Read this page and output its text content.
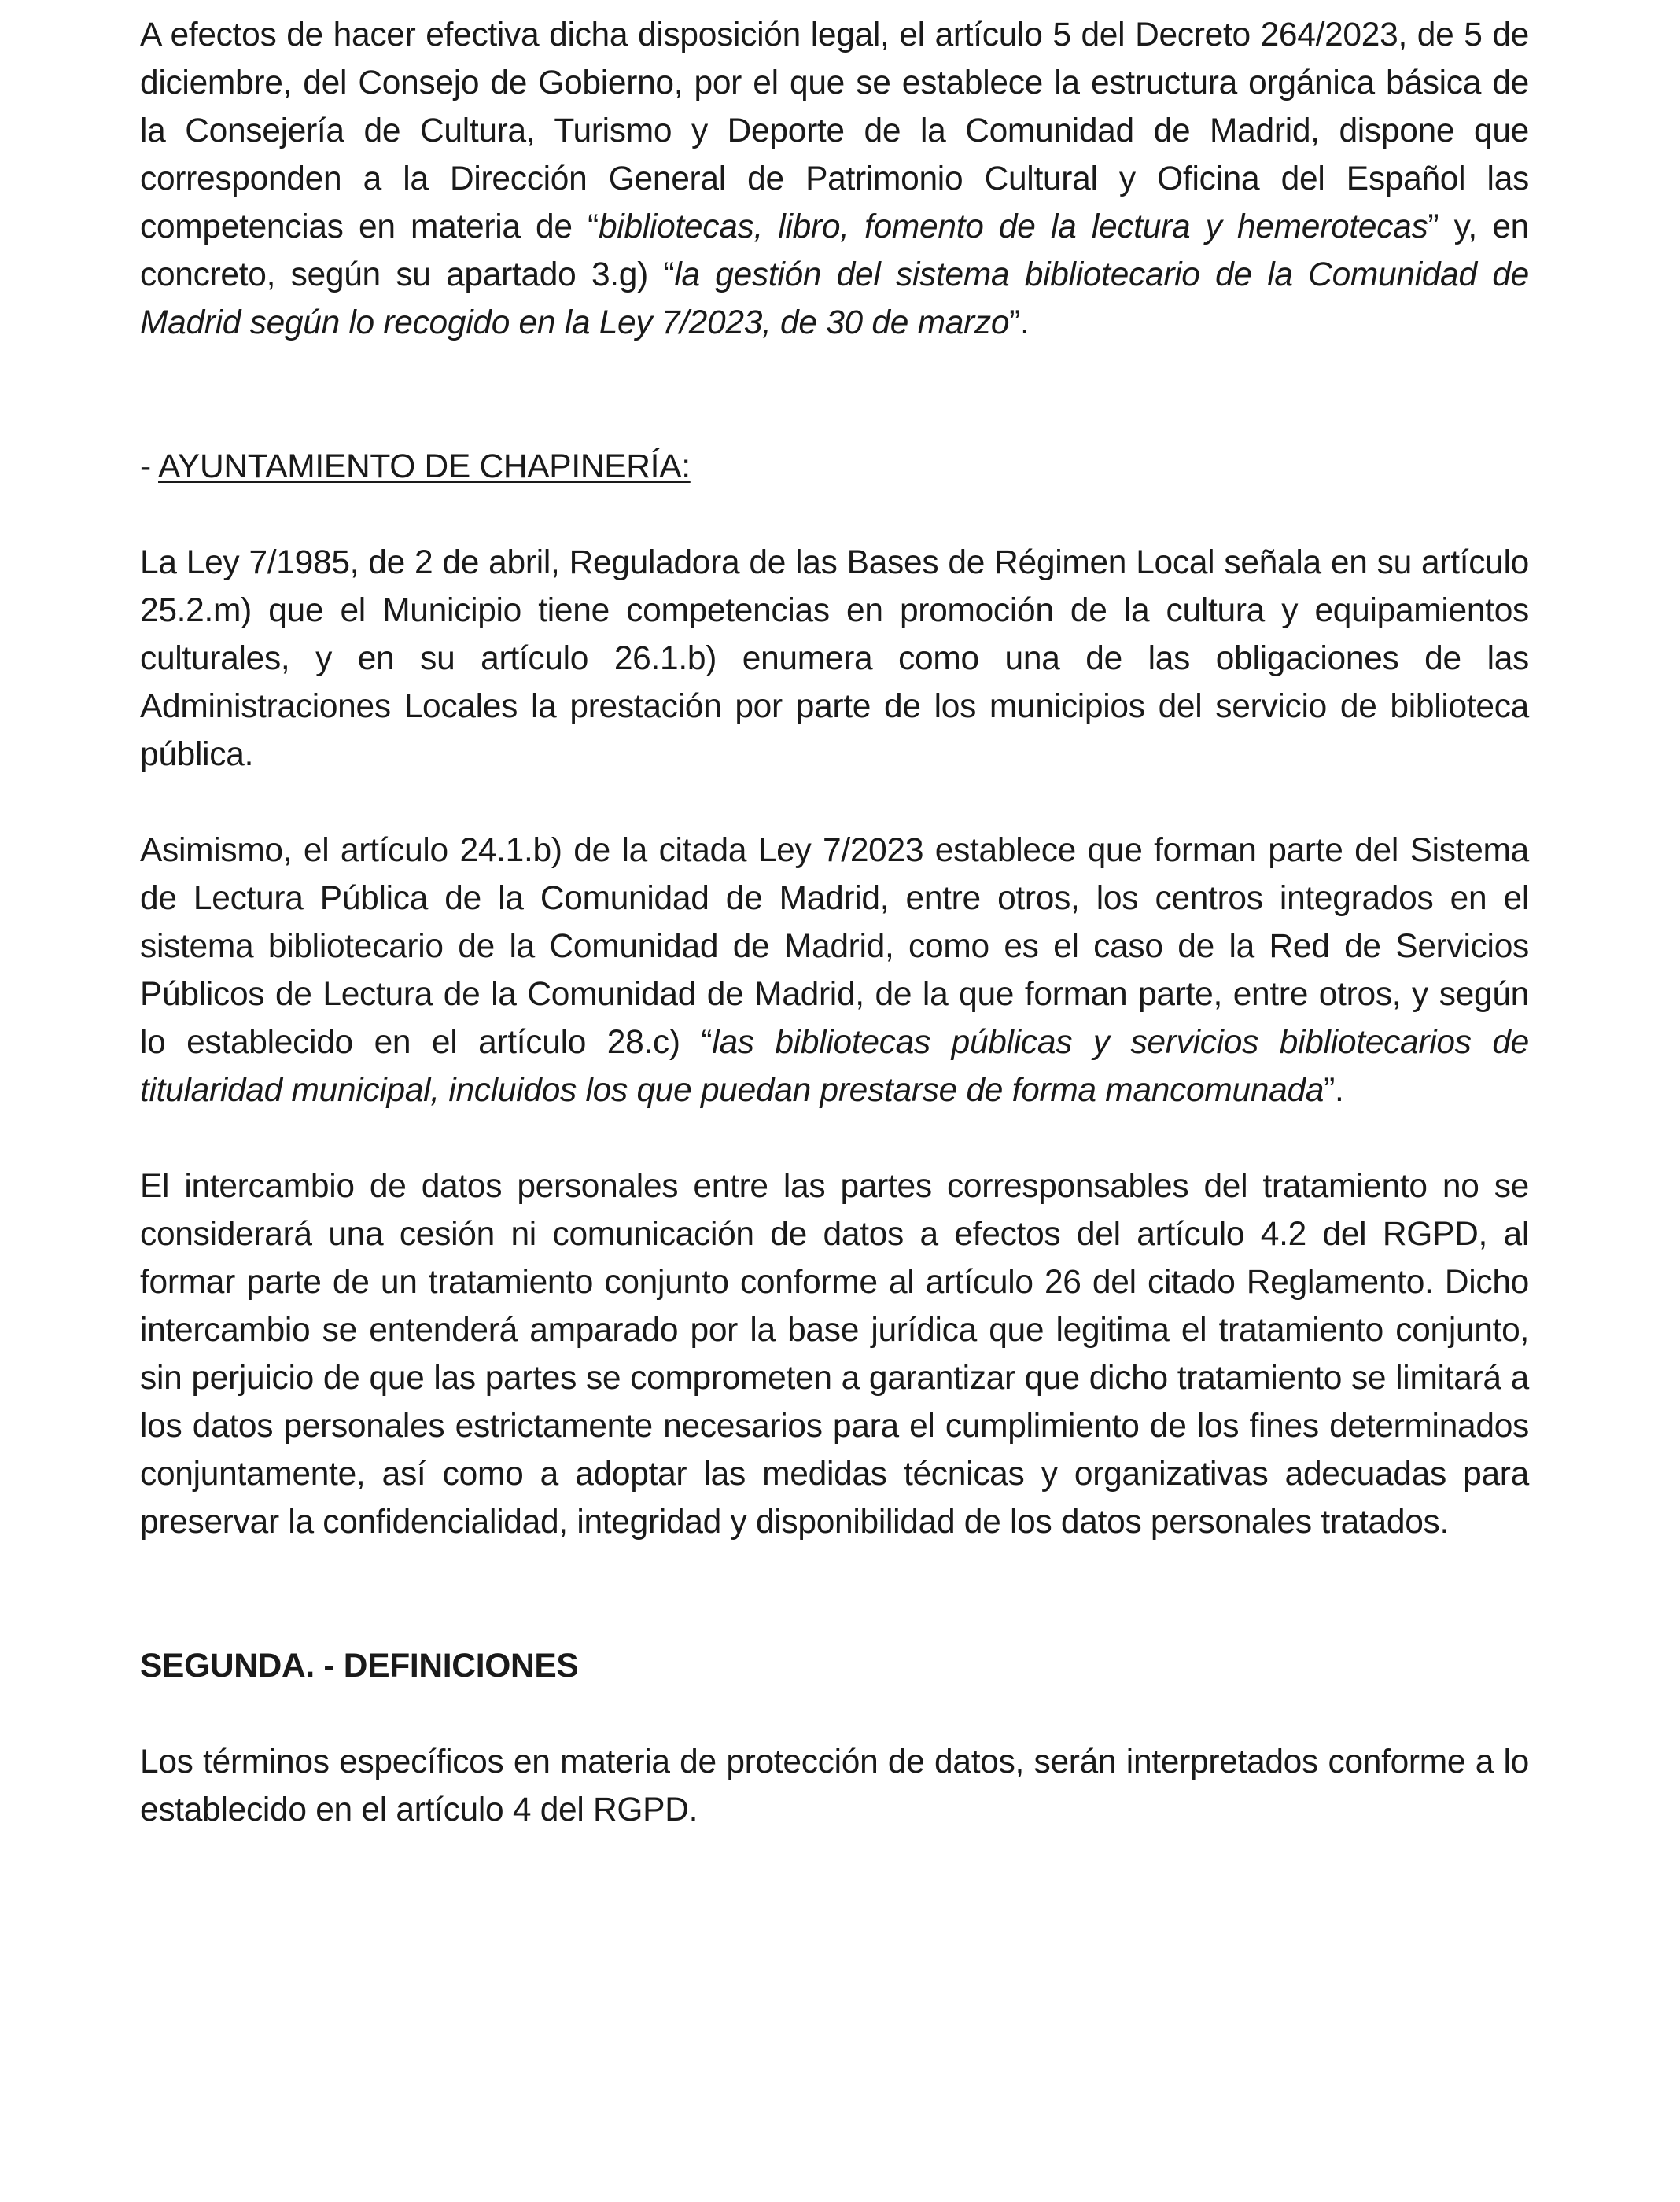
A efectos de hacer efectiva dicha disposición legal, el artículo 5 del Decreto 264/2023, de 5 de diciembre, del Consejo de Gobierno, por el que se establece la estructura orgánica básica de la Consejería de Cultura, Turismo y Deporte de la Comunidad de Madrid, dispone que corresponden a la Dirección General de Patrimonio Cultural y Oficina del Español las competencias en materia de “bibliotecas, libro, fomento de la lectura y hemerotecas” y, en concreto, según su apartado 3.g) “la gestión del sistema bibliotecario de la Comunidad de Madrid según lo recogido en la Ley 7/2023, de 30 de marzo”.

- AYUNTAMIENTO DE CHAPINERÍA:

La Ley 7/1985, de 2 de abril, Reguladora de las Bases de Régimen Local señala en su artículo 25.2.m) que el Municipio tiene competencias en promoción de la cultura y equipamientos culturales, y en su artículo 26.1.b) enumera como una de las obligaciones de las Administraciones Locales la prestación por parte de los municipios del servicio de biblioteca pública.

Asimismo, el artículo 24.1.b) de la citada Ley 7/2023 establece que forman parte del Sistema de Lectura Pública de la Comunidad de Madrid, entre otros, los centros integrados en el sistema bibliotecario de la Comunidad de Madrid, como es el caso de la Red de Servicios Públicos de Lectura de la Comunidad de Madrid, de la que forman parte, entre otros, y según lo establecido en el artículo 28.c) “las bibliotecas públicas y servicios bibliotecarios de titularidad municipal, incluidos los que puedan prestarse de forma mancomunada”.

El intercambio de datos personales entre las partes corresponsables del tratamiento no se considerará una cesión ni comunicación de datos a efectos del artículo 4.2 del RGPD, al formar parte de un tratamiento conjunto conforme al artículo 26 del citado Reglamento. Dicho intercambio se entenderá amparado por la base jurídica que legitima el tratamiento conjunto, sin perjuicio de que las partes se comprometen a garantizar que dicho tratamiento se limitará a los datos personales estrictamente necesarios para el cumplimiento de los fines determinados conjuntamente, así como a adoptar las medidas técnicas y organizativas adecuadas para preservar la confidencialidad, integridad y disponibilidad de los datos personales tratados.

SEGUNDA. - DEFINICIONES

Los términos específicos en materia de protección de datos, serán interpretados conforme a lo establecido en el artículo 4 del RGPD.
